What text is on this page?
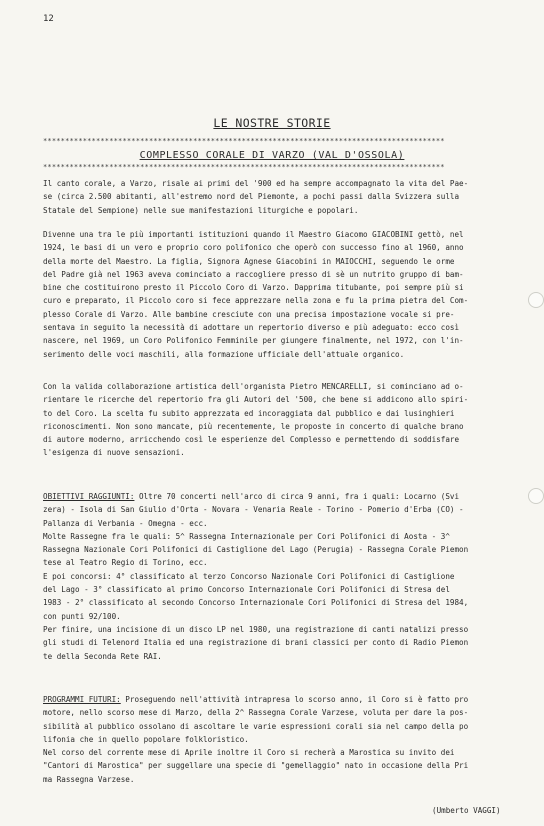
12
LE NOSTRE STORIE
*******************************************************************************************
COMPLESSO CORALE DI VARZO (VAL D'OSSOLA)
*******************************************************************************************
Il canto corale, a Varzo, risale ai primi del '900 ed ha sempre accompagnato la vita del Pae-
se (circa 2.500 abitanti, all'estremo nord del Piemonte, a pochi passi dalla Svizzera sulla
Statale del Sempione) nelle sue manifestazioni liturgiche e popolari.
Divenne una tra le più importanti istituzioni quando il Maestro Giacomo GIACOBINI gettò, nel
1924, le basi di un vero e proprio coro polifonico che operò con successo fino al 1960, anno
della morte del Maestro. La figlia, Signora Agnese Giacobini in MAIOCCHI, seguendo le orme
del Padre già nel 1963 aveva cominciato a raccogliere presso di sè un nutrito gruppo di bam-
bine che costituirono presto il Piccolo Coro di Varzo. Dapprima titubante, poi sempre più si
curo e preparato, il Piccolo coro si fece apprezzare nella zona e fu la prima pietra del Com-
plesso Corale di Varzo. Alle bambine cresciute con una precisa impostazione vocale si pre-
sentava in seguito la necessità di adottare un repertorio diverso e più adeguato: ecco così
nascere, nel 1969, un Coro Polifonico Femminile per giungere finalmente, nel 1972, con l'in-
serimento delle voci maschili, alla formazione ufficiale dell'attuale organico.
Con la valida collaborazione artistica dell'organista Pietro MENCARELLI, si cominciano ad o-
rientare le ricerche del repertorio fra gli Autori del '500, che bene si addicono allo spiri-
to del Coro. La scelta fu subito apprezzata ed incoraggiata dal pubblico e dai lusinghieri
riconoscimenti. Non sono mancate, più recentemente, le proposte in concerto di qualche brano
di autore moderno, arricchendo così le esperienze del Complesso e permettendo di soddisfare
l'esigenza di nuove sensazioni.
OBIETTIVI RAGGIUNTI: Oltre 70 concerti nell'arco di circa 9 anni, fra i quali: Locarno (Svi
zera) - Isola di San Giulio d'Orta - Novara - Venaria Reale - Torino - Pomerio d'Erba (CO) -
Pallanza di Verbania - Omegna - ecc.
Molte Rassegne fra le quali: 5^ Rassegna Internazionale per Cori Polifonici di Aosta - 3^
Rassegna Nazionale Cori Polifonici di Castiglione del Lago (Perugia) - Rassegna Corale Piemon
tese al Teatro Regio di Torino, ecc.
E poi concorsi: 4° classificato al terzo Concorso Nazionale Cori Polifonici di Castiglione
del Lago - 3° classificato al primo Concorso Internazionale Cori Polifonici di Stresa del
1983 - 2° classificato al secondo Concorso Internazionale Cori Polifonici di Stresa del 1984,
con punti 92/100.
Per finire, una incisione di un disco LP nel 1980, una registrazione di canti natalizi presso
gli studi di Telenord Italia ed una registrazione di brani classici per conto di Radio Piemon
te della Seconda Rete RAI.
PROGRAMMI FUTURI: Proseguendo nell'attività intrapresa lo scorso anno, il Coro si è fatto pro
motore, nello scorso mese di Marzo, della 2^ Rassegna Corale Varzese, voluta per dare la pos-
sibilità al pubblico ossolano di ascoltare le varie espressioni corali sia nel campo della po
lifonia che in quello popolare folkloristico.
Nel corso del corrente mese di Aprile inoltre il Coro si recherà a Marostica su invito dei
"Cantori di Marostica" per suggellare una specie di "gemellaggio" nato in occasione della Pri
ma Rassegna Varzese.
(Umberto VAGGI)
